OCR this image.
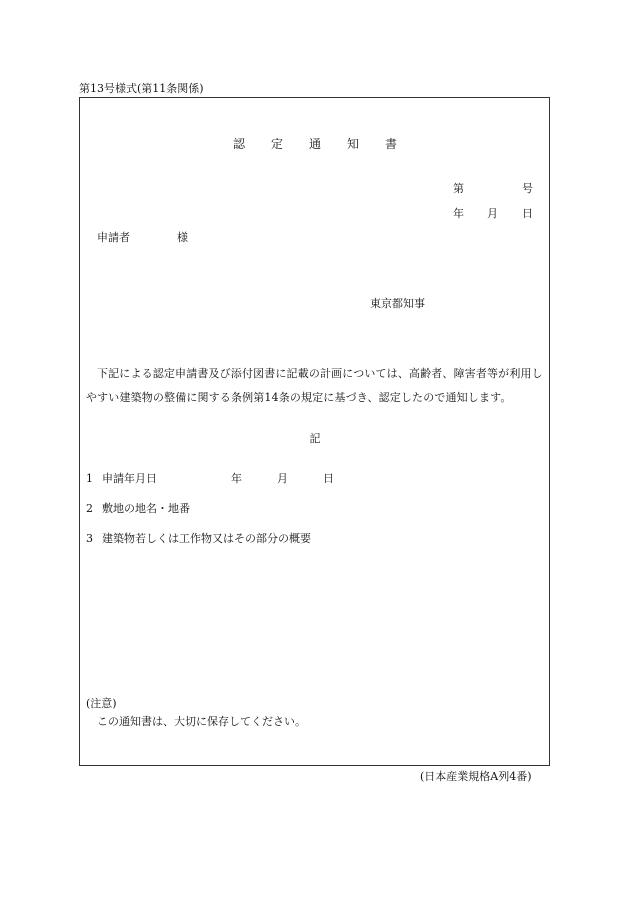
第13号様式(第11条関係)
認 定 通 知 書
第	号
年 月 日
申請者	様
東京都知事
下記による認定申請書及び添付図書に記載の計画については、高齢者、障害者等が利用しやすい建築物の整備に関する条例第14条の規定に基づき、認定したので通知します。
記
1 申請年月日	年	月	日
2 敷地の地名・地番
3 建築物若しくは工作物又はその部分の概要
(注意)
この通知書は、大切に保存してください。
(日本産業規格A列4番)
